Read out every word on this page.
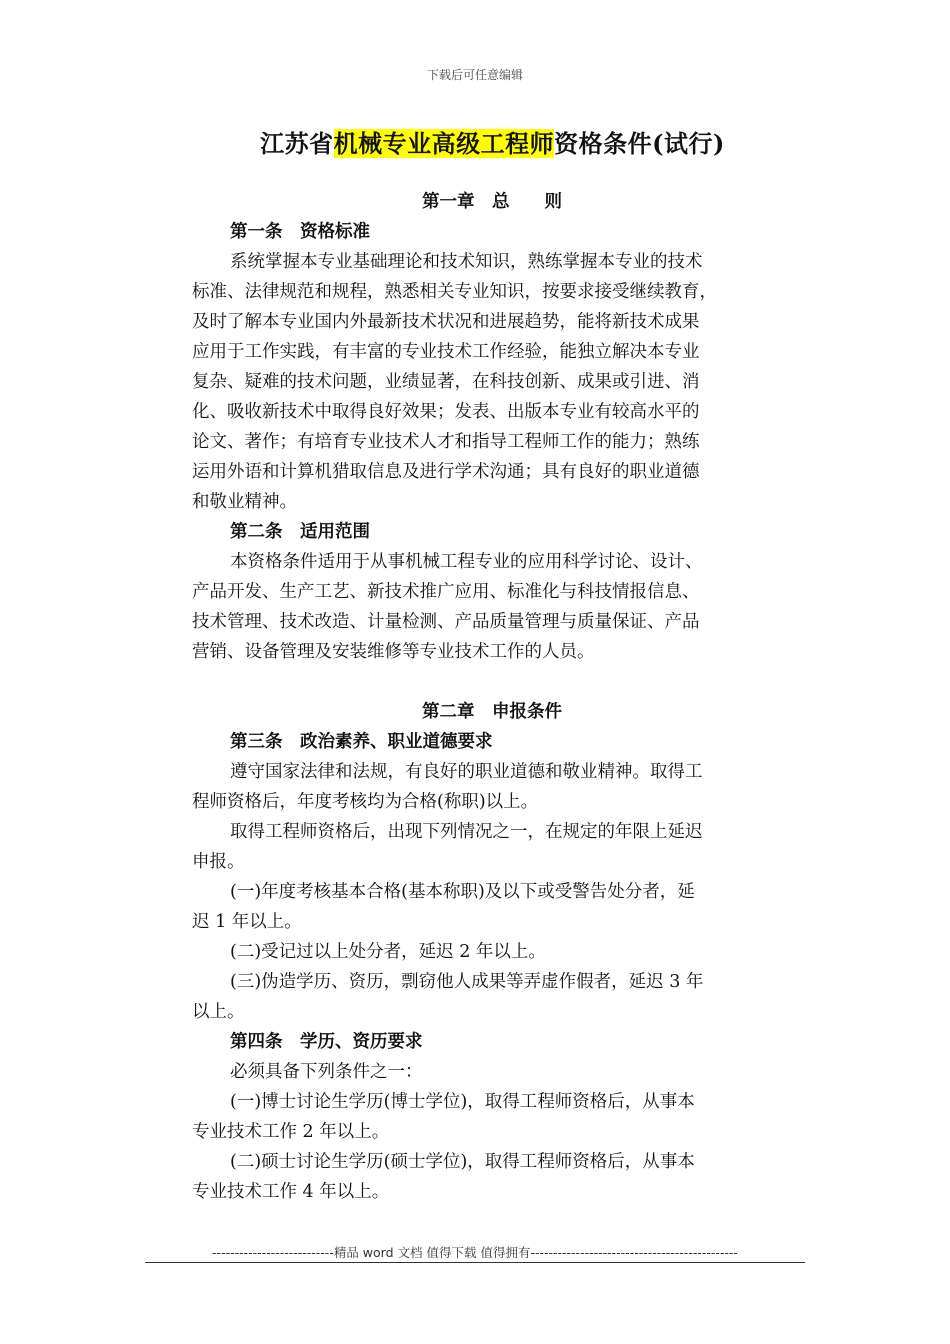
下载后可任意编辑
江苏省机械专业高级工程师资格条件(试行)
第一章　总　　则
第一条　资格标准
系统掌握本专业基础理论和技术知识，熟练掌握本专业的技术
标准、法律规范和规程，熟悉相关专业知识，按要求接受继续教育，
及时了解本专业国内外最新技术状况和进展趋势，能将新技术成果
应用于工作实践，有丰富的专业技术工作经验，能独立解决本专业
复杂、疑难的技术问题，业绩显著，在科技创新、成果或引进、消
化、吸收新技术中取得良好效果；发表、出版本专业有较高水平的
论文、著作；有培育专业技术人才和指导工程师工作的能力；熟练
运用外语和计算机猎取信息及进行学术沟通；具有良好的职业道德
和敬业精神。
第二条　适用范围
本资格条件适用于从事机械工程专业的应用科学讨论、设计、
产品开发、生产工艺、新技术推广应用、标准化与科技情报信息、
技术管理、技术改造、计量检测、产品质量管理与质量保证、产品
营销、设备管理及安装维修等专业技术工作的人员。
第二章　申报条件
第三条　政治素养、职业道德要求
遵守国家法律和法规，有良好的职业道德和敬业精神。取得工
程师资格后，年度考核均为合格(称职)以上。
取得工程师资格后，出现下列情况之一，在规定的年限上延迟
申报。
(一)年度考核基本合格(基本称职)及以下或受警告处分者，延
迟 1 年以上。
(二)受记过以上处分者，延迟 2 年以上。
(三)伪造学历、资历，剽窃他人成果等弄虚作假者，延迟 3 年
以上。
第四条　学历、资历要求
必须具备下列条件之一：
(一)博士讨论生学历(博士学位)，取得工程师资格后，从事本
专业技术工作 2 年以上。
(二)硕士讨论生学历(硕士学位)，取得工程师资格后，从事本
专业技术工作 4 年以上。
---------------------------精品 word 文档 值得下载 值得拥有----------------------------------------------
